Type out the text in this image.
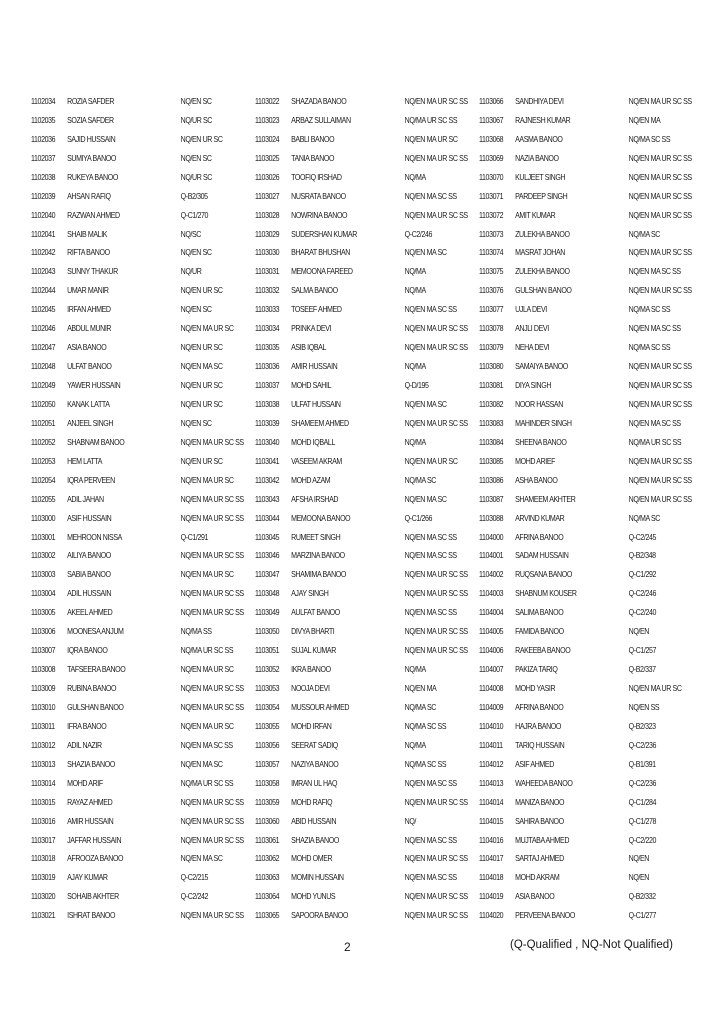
1102034	ROZIA SAFDER	NQ/EN SC
1102035	SOZIA SAFDER	NQ/UR SC
1102036	SAJID HUSSAIN	NQ/EN UR SC
1102037	SUMIYA BANOO	NQ/EN SC
1102038	RUKEYA BANOO	NQ/UR SC
1102039	AHSAN RAFIQ	Q-B2/305
1102040	RAZWAN AHMED	Q-C1/270
1102041	SHAIB MALIK	NQ/SC
1102042	RIFTA BANOO	NQ/EN SC
1102043	SUNNY THAKUR	NQ/UR
1102044	UMAR MANIR	NQ/EN UR SC
1102045	IRFAN AHMED	NQ/EN SC
1102046	ABDUL MUNIR	NQ/EN MA UR SC
1102047	ASIA BANOO	NQ/EN UR SC
1102048	ULFAT BANOO	NQ/EN MA SC
1102049	YAWER HUSSAIN	NQ/EN UR SC
1102050	KANAK LATTA	NQ/EN UR SC
1102051	ANJEEL SINGH	NQ/EN SC
1102052	SHABNAM BANOO	NQ/EN MA UR SC SS
1102053	HEM LATTA	NQ/EN UR SC
1102054	IQRA PERVEEN	NQ/EN MA UR SC
1102055	ADIL JAHAN	NQ/EN MA UR SC SS
1103000	ASIF HUSSAIN	NQ/EN MA UR SC SS
1103001	MEHROON NISSA	Q-C1/291
1103002	AILIYA BANOO	NQ/EN MA UR SC SS
1103003	SABIA BANOO	NQ/EN MA UR SC
1103004	ADIL HUSSAIN	NQ/EN MA UR SC SS
1103005	AKEEL AHMED	NQ/EN MA UR SC SS
1103006	MOONESA ANJUM	NQ/MA SS
1103007	IQRA BANOO	NQ/MA UR SC SS
1103008	TAFSEERA BANOO	NQ/EN MA UR SC
1103009	RUBINA BANOO	NQ/EN MA UR SC SS
1103010	GULSHAN BANOO	NQ/EN MA UR SC SS
1103011	IFRA BANOO	NQ/EN MA UR SC
1103012	ADIL NAZIR	NQ/EN MA SC SS
1103013	SHAZIA BANOO	NQ/EN MA SC
1103014	MOHD ARIF	NQ/MA UR SC SS
1103015	RAYAZ AHMED	NQ/EN MA UR SC SS
1103016	AMIR HUSSAIN	NQ/EN MA UR SC SS
1103017	JAFFAR HUSSAIN	NQ/EN MA UR SC SS
1103018	AFROOZA BANOO	NQ/EN MA SC
1103019	AJAY KUMAR	Q-C2/215
1103020	SOHAIB AKHTER	Q-C2/242
1103021	ISHRAT BANOO	NQ/EN MA UR SC SS
1103022	SHAZADA BANOO	NQ/EN MA UR SC SS
1103023	ARBAZ SULLAIMAN	NQ/MA UR SC SS
1103024	BABLI BANOO	NQ/EN MA UR SC
1103025	TANIA BANOO	NQ/EN MA UR SC SS
1103026	TOOFIQ IRSHAD	NQ/MA
1103027	NUSRATA BANOO	NQ/EN MA SC SS
1103028	NOWRINA BANOO	NQ/EN MA UR SC SS
1103029	SUDERSHAN KUMAR	Q-C2/246
1103030	BHARAT BHUSHAN	NQ/EN MA SC
1103031	MEMOONA FAREED	NQ/MA
1103032	SALMA BANOO	NQ/MA
1103033	TOSEEF AHMED	NQ/EN MA SC SS
1103034	PRINKA DEVI	NQ/EN MA UR SC SS
1103035	ASIB IQBAL	NQ/EN MA UR SC SS
1103036	AMIR HUSSAIN	NQ/MA
1103037	MOHD SAHIL	Q-D/195
1103038	ULFAT HUSSAIN	NQ/EN MA SC
1103039	SHAMEEM AHMED	NQ/EN MA UR SC SS
1103040	MOHD IQBALL	NQ/MA
1103041	VASEEM AKRAM	NQ/EN MA UR SC
1103042	MOHD AZAM	NQ/MA SC
1103043	AFSHA IRSHAD	NQ/EN MA SC
1103044	MEMOONA BANOO	Q-C1/266
1103045	RUMEET SINGH	NQ/EN MA SC SS
1103046	MARZINA BANOO	NQ/EN MA SC SS
1103047	SHAMIMA BANOO	NQ/EN MA UR SC SS
1103048	AJAY SINGH	NQ/EN MA UR SC SS
1103049	AULFAT BANOO	NQ/EN MA SC SS
1103050	DIVYA BHARTI	NQ/EN MA UR SC SS
1103051	SUJAL KUMAR	NQ/EN MA UR SC SS
1103052	IKRA BANOO	NQ/MA
1103053	NOOJA DEVI	NQ/EN MA
1103054	MUSSOUR AHMED	NQ/MA SC
1103055	MOHD IRFAN	NQ/MA SC SS
1103056	SEERAT SADIQ	NQ/MA
1103057	NAZIYA BANOO	NQ/MA SC SS
1103058	IMRAN UL HAQ	NQ/EN MA SC SS
1103059	MOHD RAFIQ	NQ/EN MA UR SC SS
1103060	ABID HUSSAIN	NQ/
1103061	SHAZIA BANOO	NQ/EN MA SC SS
1103062	MOHD OMER	NQ/EN MA UR SC SS
1103063	MOMIN HUSSAIN	NQ/EN MA SC SS
1103064	MOHD YUNUS	NQ/EN MA UR SC SS
1103065	SAPOORA BANOO	NQ/EN MA UR SC SS
1103066	SANDHIYA DEVI	NQ/EN MA UR SC SS
1103067	RAJNESH KUMAR	NQ/EN MA
1103068	AASMA BANOO	NQ/MA SC SS
1103069	NAZIA BANOO	NQ/EN MA UR SC SS
1103070	KULJEET SINGH	NQ/EN MA UR SC SS
1103071	PARDEEP SINGH	NQ/EN MA UR SC SS
1103072	AMIT KUMAR	NQ/EN MA UR SC SS
1103073	ZULEKHA BANOO	NQ/MA SC
1103074	MASRAT JOHAN	NQ/EN MA UR SC SS
1103075	ZULEKHA BANOO	NQ/EN MA SC SS
1103076	GULSHAN BANOO	NQ/EN MA UR SC SS
1103077	UJLA DEVI	NQ/MA SC SS
1103078	ANJLI DEVI	NQ/EN MA SC SS
1103079	NEHA DEVI	NQ/MA SC SS
1103080	SAMAIYA BANOO	NQ/EN MA UR SC SS
1103081	DIYA SINGH	NQ/EN MA UR SC SS
1103082	NOOR HASSAN	NQ/EN MA UR SC SS
1103083	MAHINDER SINGH	NQ/EN MA SC SS
1103084	SHEENA BANOO	NQ/MA UR SC SS
1103085	MOHD ARIEF	NQ/EN MA UR SC SS
1103086	ASHA BANOO	NQ/EN MA UR SC SS
1103087	SHAMEEM AKHTER	NQ/EN MA UR SC SS
1103088	ARVIND KUMAR	NQ/MA SC
1104000	AFRINA BANOO	Q-C2/245
1104001	SADAM HUSSAIN	Q-B2/348
1104002	RUQSANA BANOO	Q-C1/292
1104003	SHABNUM KOUSER	Q-C2/246
1104004	SALIMA BANOO	Q-C2/240
1104005	FAMIDA BANOO	NQ/EN
1104006	RAKEEBA BANOO	Q-C1/257
1104007	PAKIZA TARIQ	Q-B2/337
1104008	MOHD YASIR	NQ/EN MA UR SC
1104009	AFRINA BANOO	NQ/EN SS
1104010	HAJRA BANOO	Q-B2/323
1104011	TARIQ HUSSAIN	Q-C2/236
1104012	ASIF AHMED	Q-B1/391
1104013	WAHEEDA BANOO	Q-C2/236
1104014	MANIZA BANOO	Q-C1/284
1104015	SAHIRA BANOO	Q-C1/278
1104016	MUJTABA AHMED	Q-C2/220
1104017	SARTAJ AHMED	NQ/EN
1104018	MOHD AKRAM	NQ/EN
1104019	ASIA BANOO	Q-B2/332
1104020	PERVEENA BANOO	Q-C1/277
2	(Q-Qualified , NQ-Not Qualified)
